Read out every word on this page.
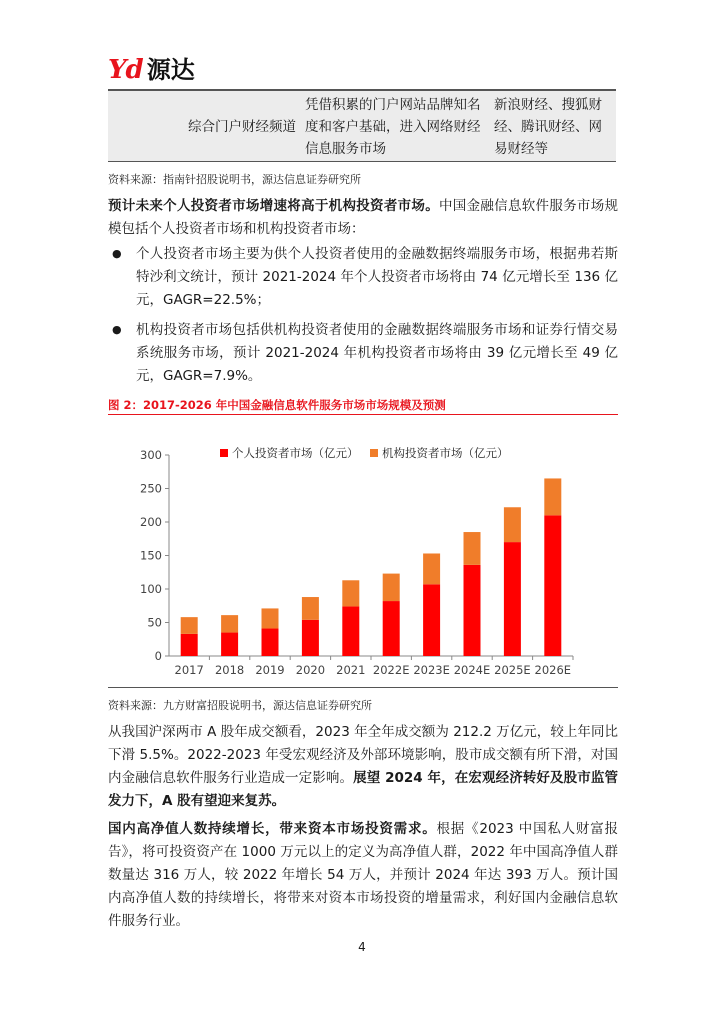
Yd 源达
综合门户财经频道
凭借积累的门户网站品牌知名度和客户基础，进入网络财经信息服务市场
新浪财经、搜狐财经、腾讯财经、网易财经等
资料来源：指南针招股说明书，源达信息证券研究所
预计未来个人投资者市场增速将高于机构投资者市场。中国金融信息软件服务市场规模包括个人投资者市场和机构投资者市场：
● 个人投资者市场主要为供个人投资者使用的金融数据终端服务市场，根据弗若斯特沙利文统计，预计 2021-2024 年个人投资者市场将由 74 亿元增长至 136 亿元，GAGR=22.5%；
● 机构投资者市场包括供机构投资者使用的金融数据终端服务市场和证券行情交易系统服务市场，预计 2021-2024 年机构投资者市场将由 39 亿元增长至 49 亿元，GAGR=7.9%。
图 2：2017-2026 年中国金融信息软件服务市场市场规模及预测
0
50
100
150
200
250
300
2017 2018 2019 2020 2021 2022E 2023E 2024E 2025E 2026E
个人投资者市场（亿元） 机构投资者市场（亿元）
资料来源：九方财富招股说明书，源达信息证券研究所
从我国沪深两市 A 股年成交额看，2023 年全年成交额为 212.2 万亿元，较上年同比下滑 5.5%。2022-2023 年受宏观经济及外部环境影响，股市成交额有所下滑，对国内金融信息软件服务行业造成一定影响。展望 2024 年，在宏观经济转好及股市监管发力下，A 股有望迎来复苏。
国内高净值人数持续增长，带来资本市场投资需求。根据《2023 中国私人财富报告》，将可投资资产在 1000 万元以上的定义为高净值人群，2022 年中国高净值人群数量达 316 万人，较 2022 年增长 54 万人，并预计 2024 年达 393 万人。预计国内高净值人数的持续增长，将带来对资本市场投资的增量需求，利好国内金融信息软件服务行业。
4
